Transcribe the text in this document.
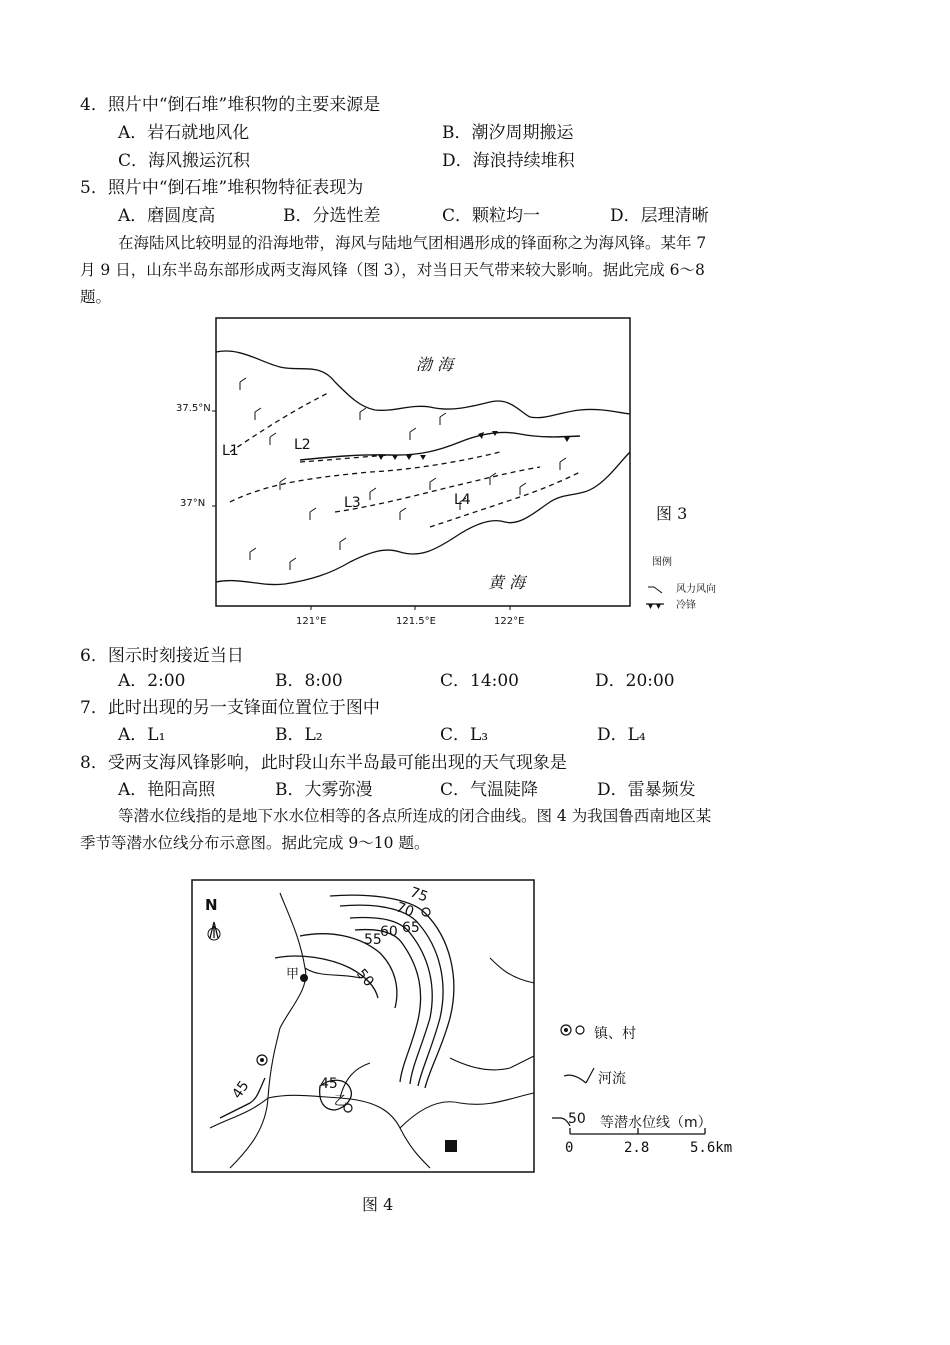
4．照片中“倒石堆”堆积物的主要来源是
A．岩石就地风化	B．潮汐周期搬运
C．海风搬运沉积	D．海浪持续堆积
5．照片中“倒石堆”堆积物特征表现为
A．磨圆度高	B．分选性差	C．颗粒均一	D．层理清晰
在海陆风比较明显的沿海地带，海风与陆地气团相遇形成的锋面称之为海风锋。某年 7
月 9 日，山东半岛东部形成两支海风锋（图 3），对当日天气带来较大影响。据此完成 6～8
题。
37.5°N
37°N
121°E	121.5°E	122°E
渤 海
黄 海
L1	L2
L3	L4
图 3
图例
风力风向
冷锋
6．图示时刻接近当日
A．2:00	B．8:00	C．14:00	D．20:00
7．此时出现的另一支锋面位置位于图中
A．L₁	B．L₂	C．L₃	D．L₄
8．受两支海风锋影响，此时段山东半岛最可能出现的天气现象是
A．艳阳高照	B．大雾弥漫	C．气温陡降	D．雷暴频发
等潜水位线指的是地下水水位相等的各点所连成的闭合曲线。图 4 为我国鲁西南地区某
季节等潜水位线分布示意图。据此完成 9～10 题。
N	75
70
65
60
55
50
45	45
甲
乙
镇、村
河流
50 等潜水位线（m）
0	2.8	5.6km
图 4
